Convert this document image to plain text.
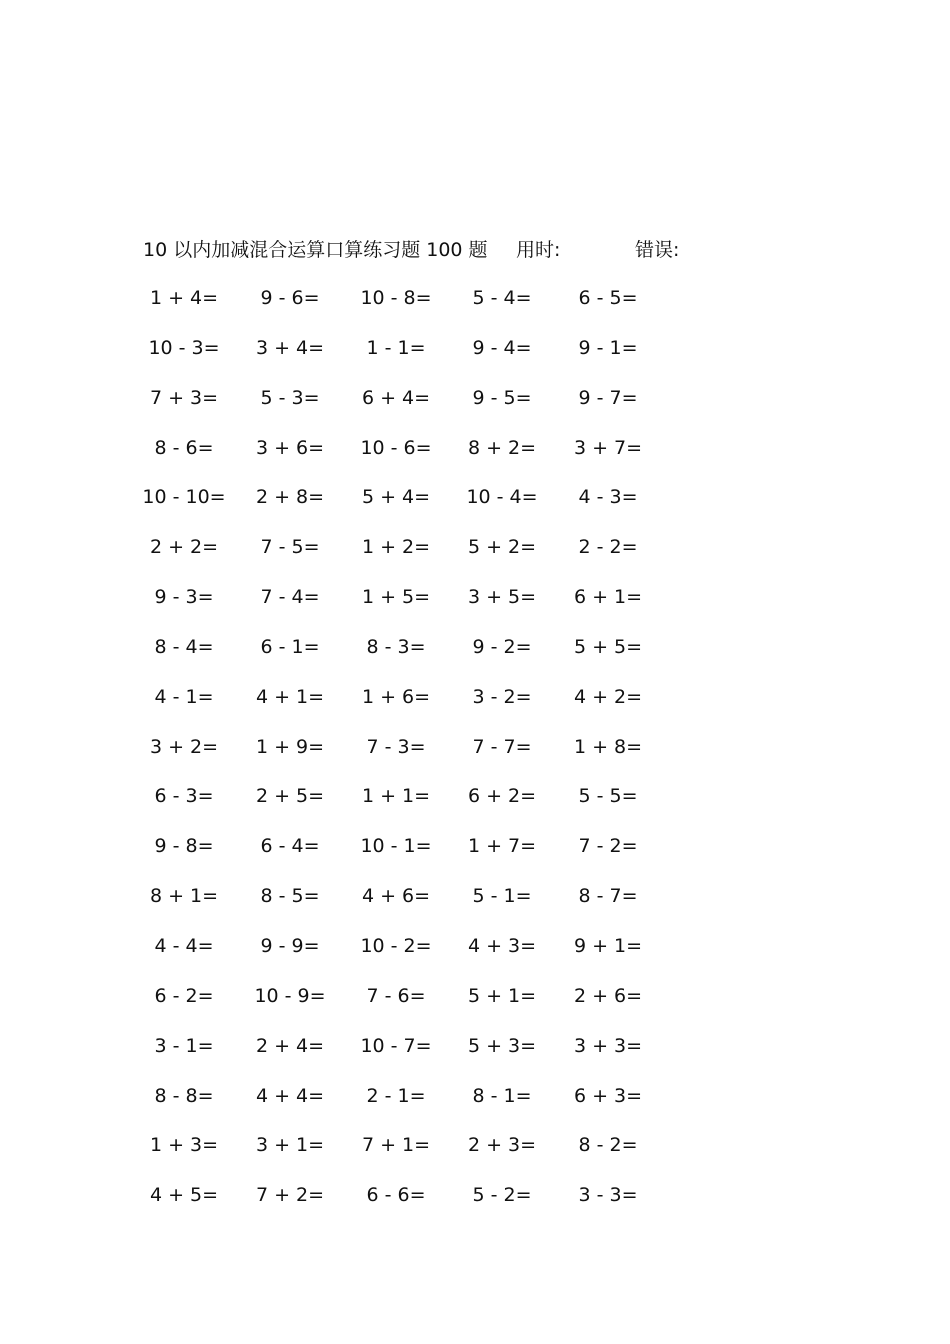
10 以内加减混合运算口算练习题 100 题 用时:	错误:
1 + 4=	9 - 6=	10 - 8=	5 - 4=	6 - 5=
10 - 3=	3 + 4=	1 - 1=	9 - 4=	9 - 1=
7 + 3=	5 - 3=	6 + 4=	9 - 5=	9 - 7=
8 - 6=	3 + 6=	10 - 6=	8 + 2=	3 + 7=
10 - 10=	2 + 8=	5 + 4=	10 - 4=	4 - 3=
2 + 2=	7 - 5=	1 + 2=	5 + 2=	2 - 2=
9 - 3=	7 - 4=	1 + 5=	3 + 5=	6 + 1=
8 - 4=	6 - 1=	8 - 3=	9 - 2=	5 + 5=
4 - 1=	4 + 1=	1 + 6=	3 - 2=	4 + 2=
3 + 2=	1 + 9=	7 - 3=	7 - 7=	1 + 8=
6 - 3=	2 + 5=	1 + 1=	6 + 2=	5 - 5=
9 - 8=	6 - 4=	10 - 1=	1 + 7=	7 - 2=
8 + 1=	8 - 5=	4 + 6=	5 - 1=	8 - 7=
4 - 4=	9 - 9=	10 - 2=	4 + 3=	9 + 1=
6 - 2=	10 - 9=	7 - 6=	5 + 1=	2 + 6=
3 - 1=	2 + 4=	10 - 7=	5 + 3=	3 + 3=
8 - 8=	4 + 4=	2 - 1=	8 - 1=	6 + 3=
1 + 3=	3 + 1=	7 + 1=	2 + 3=	8 - 2=
4 + 5=	7 + 2=	6 - 6=	5 - 2=	3 - 3=
